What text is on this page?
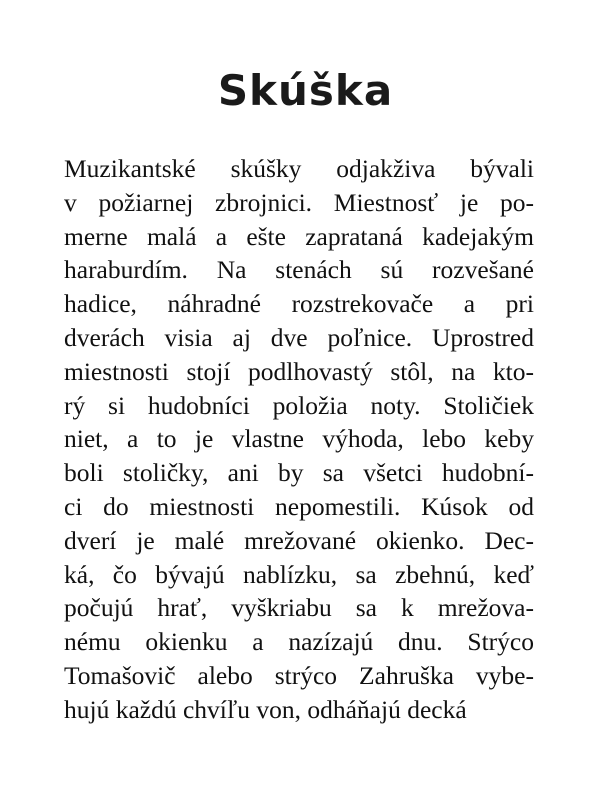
Skúška
Muzikantské skúšky odjakživa bývali
v požiarnej zbrojnici. Miestnosť je po-
merne malá a ešte zaprataná kadejakým
haraburdím. Na stenách sú rozvešané
hadice, náhradné rozstrekovače a pri
dverách visia aj dve poľnice. Uprostred
miestnosti stojí podlhovastý stôl, na kto-
rý si hudobníci položia noty. Stoličiek
niet, a to je vlastne výhoda, lebo keby
boli stoličky, ani by sa všetci hudobní-
ci do miestnosti nepomestili. Kúsok od
dverí je malé mrežované okienko. Dec-
ká, čo bývajú nablízku, sa zbehnú, keď
počujú hrať, vyškriabu sa k mrežova-
nému okienku a nazízajú dnu. Strýco
Tomašovič alebo strýco Zahruška vybe-
hujú každú chvíľu von, odháňajú decká
